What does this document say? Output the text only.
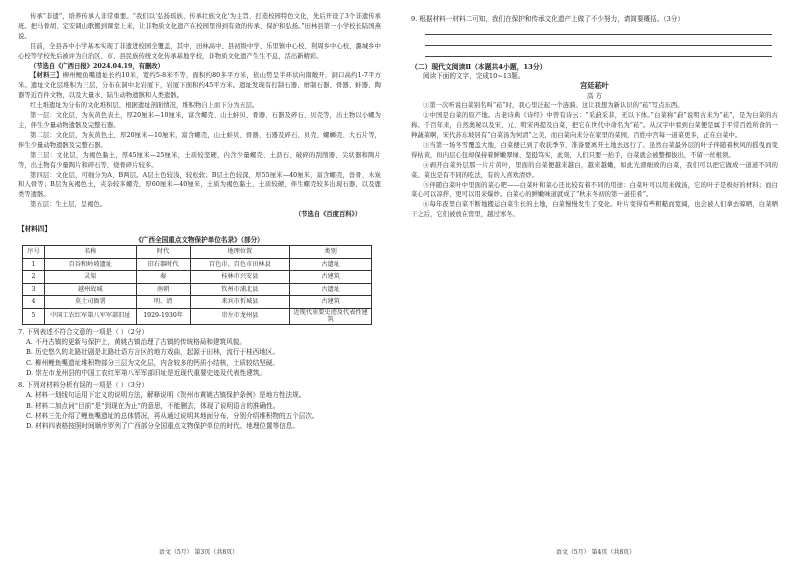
传承“非遗”，培养传承人非常重要。“我们以‘弘扬瑶族、传承壮族文化’为主旨，打造校园特色文化，先后开设了3个非遗传承班。把马骨胡、定安调山歌搬到课堂上来，让非物质文化遗产在校园里得到有效的传承、保护和弘扬。”田林县第一小学校长陆国燕说。

目前，全县各中小学基本实现了非遗进校园全覆盖，其中，田林高中、县初级中学、乐里镇中心校、利周乡中心校、潞城乡中心校等学校先后被评为自治区、市、县民族传统文化传承基地学校，非物质文化遗产生生不息，活出新精彩。

（节选自《广西日报》2024.04.19，有删改）

【材料三】柳州鲤鱼嘴遗址长约10米，宽约5-8米不等，面积约80多平方米，依山势呈半环状向南敞开，洞口高约1-7平方米。遗址文化层堆积为三层，分布在洞中北岩厦下，岩厦下面积约45平方米。遗址发现有打制石器、磨制石器、骨器、蚌器、陶器等近百件文物，以及大量水、陆生动物遗骸和人类遗骸。

红土堆遗址为分布的文化堆积层，根据遗址剖面情况，堆积物自上而下分为五层。

第一层：文化层，为灰黄色表土，厚20厘米—10厘米，富含螺壳、山土蚌贝、骨器、石器及碎石、贝壳等，出土物以小螺为主，伴生少量动物遗骸及完整石器。

第二层：文化层，为灰黄色土，厚20厘米—10厘米，富含螺壳，山土蚌贝、骨器、石器及碎石、贝壳、螺蛳壳、大石片等，伴生少量动物遗骸及完整石器。

第三层：文化层，为褐色黏土，厚45厘米—25厘米，土质较坚硬，内含少量螺壳、土沥石、破碎的刮削器、尖状器和陶片等，出土物有少量陶片和碎石等，烧骨碎片较多。

第四层：文化层，可细分为A、B两层。A层土色较浅，较松软；B层土色较深，厚55厘米—40厘米，富含螺壳，兽骨、木炭和人骨等；B层为灰褐色土，夹杂较多螺壳，厚60厘米—40厘米，土质为褐色黏土，土质较硬，伴生螺壳较多出现石器，以及鹿类等遗骸。

第五层：生土层，呈褐色。

（节选自《百度百科》）

【材料四】

《广西全国重点文物保护单位名录》（部分）

序号	名称	时代	地理位置	类别
1	百谷和岭坡遗址	旧石器时代	百色市、百色市田林县	古遗址
2	灵渠	秦	桂林市兴安县	古建筑
3	越州故城	南朝	钦州市浦北县	古遗址
4	莫土司衙署	明、清	来宾市忻城县	古建筑
5	中国工农红军第八军军部旧址	1929-1930年	崇左市龙州县	近现代重要史迹及代表性建筑

7. 下列表述不符合文意的一项是（ ）（2分）

A. 不丹古镇的更新与保护上，黄姚古镇治理了古镇的传统格局和建筑风貌。

B. 历史悠久的北路壮剧是北路壮语方言区的地方戏曲，起源于田林，流行于桂西地区。

C. 柳州鲤鱼嘴遗址堆积物部分三层为文化层，内含较多的钙质小结核，土质较结坚硬。

D. 崇左市龙州县的中国工农红军第八军军部旧址是近现代重要史迹及代表性建筑。

8. 下列对材料分析有误的一项是（ ）（3分）

A. 材料一划线句运用下定义的说明方法，解释说明《贺州市黄姚古镇保护条例》是地方性法规。

B. 材料二加点词“目前”是“到现在为止”的意思，不能删去，体现了说明语言的准确性。

C. 材料三先介绍了鲤鱼嘴遗址的总体情况，再从通过说明其地面分布，分别介绍堆积物的五个层次。

D. 材料四表格按照时间顺序罗列了广西部分全国重点文物保护单位的时代、地理位置等信息。

语文（5月） 第3页（共8页）

9. 根据材料一材料二可知，我们在保护和传承文化遗产上做了不少努力，请简要概括。（3分）

（二）现代文阅读Ⅱ（本题共4小题，13分）

阅读下面的文字，完成10~13题。

宫廷菘叶

高 方

①第一次听说白菜别名叫“菘”时，我心里泛起一个涟漪。这让我想为新认识的“菘”写点东西。

②中国是白菜的原产地。古老诗典《诗经》中曾有诗云：“采葑采菲，无以下体。”白菜称“葑”说明古来为“菘”，是为白菜的古称。千百年来，自然奥秘以及宋、元、明宋再提及白菜，把它在世代中命名为“菘”。从汉字中看到白菜便是属于平常百姓所食的一种蔬菜啊，宋代苏东坡居有“白菜汤为何清”之美，而白菜向来分在家里的菜园，百姓中宫每一道菜更多，正在白菜中。

③当第一场冬雪覆盖大地，白菜便已到了收获季节，准备要离开土地去远行了。虽然白菜最外层的叶子伴随着秋风的摇曳而变得枯黄，但内层心包却保持着鲜嫩翠绿、坚挺笃实，此刻，人们只要一抬手，白菜就会被整棵拔出，不留一丝根须。

④剥开白菜外层那一片片黄叶，里面的白菜便越来越白，越来越嫩，如此光滑细致的白菜，我们可以把它做成一道道不同的菜。菜也是有不同的吃法，有的人喜欢清炒。

⑤伴随白菜叶中里面的菜心吧——白菜叶和菜心还比较有着不同的用途：白菜叶可以用来做汤，它的叶子是极好的材料；而白菜心可以凉拌，更可以用来爆炒。白菜心的鲜嫩味道就成了“秋末冬初的第一道佳肴”。

⑥每年夜里白菜不断地搬运白菜生长的土地，白菜慢慢发生了变化。叶片变得有些粗糙而宽阔，也会被人们拿去晾晒，白菜晒干之后，它们被放在窖里，越过寒冬。

语文（5月） 第4页（共8页）
